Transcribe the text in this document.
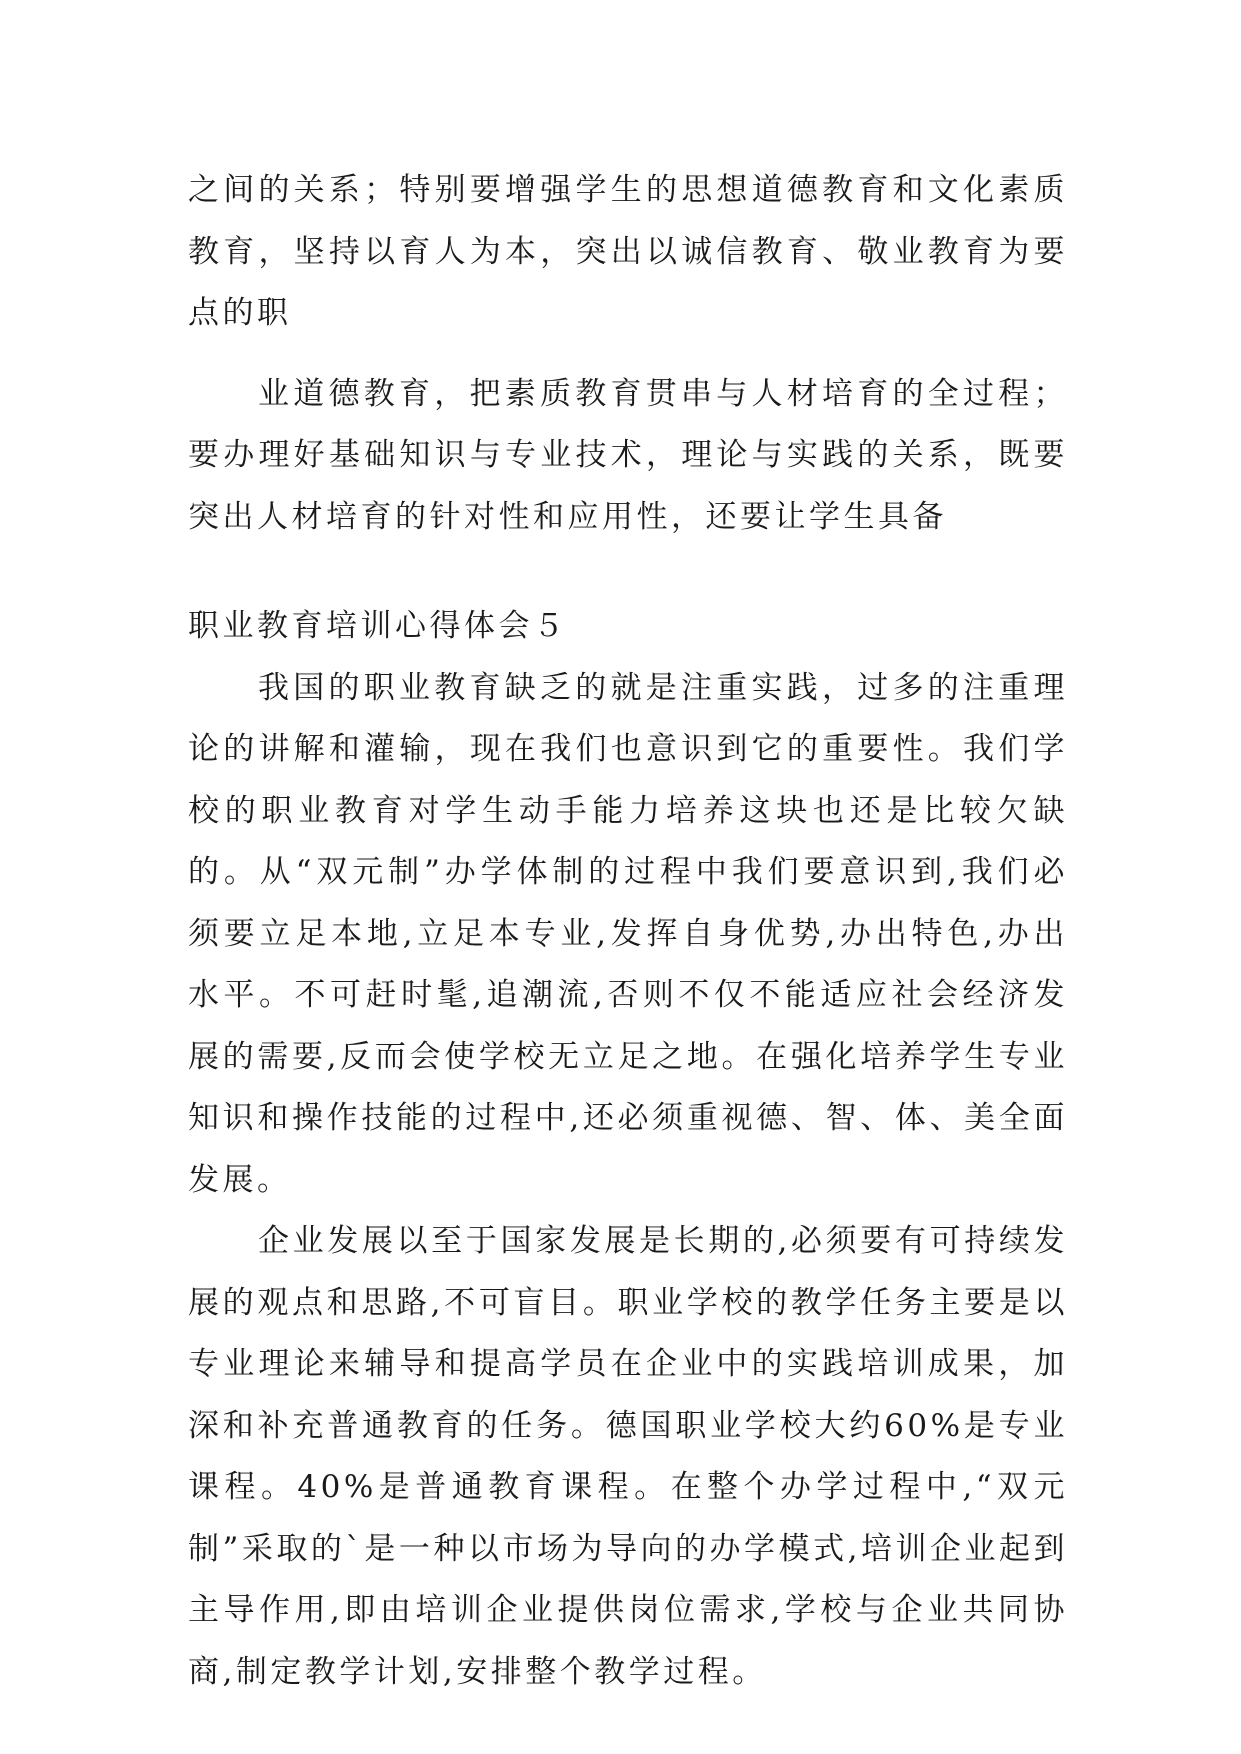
之间的关系；特别要增强学生的思想道德教育和文化素质教育，坚持以育人为本，突出以诚信教育、敬业教育为要点的职

业道德教育，把素质教育贯串与人材培育的全过程；要办理好基础知识与专业技术，理论与实践的关系，既要突出人材培育的针对性和应用性，还要让学生具备

职业教育培训心得体会５

我国的职业教育缺乏的就是注重实践，过多的注重理论的讲解和灌输，现在我们也意识到它的重要性。我们学校的职业教育对学生动手能力培养这块也还是比较欠缺的。从“双元制”办学体制的过程中我们要意识到,我们必须要立足本地,立足本专业,发挥自身优势,办出特色,办出水平。不可赶时髦,追潮流,否则不仅不能适应社会经济发展的需要,反而会使学校无立足之地。在强化培养学生专业知识和操作技能的过程中,还必须重视德、智、体、美全面发展。

企业发展以至于国家发展是长期的,必须要有可持续发展的观点和思路,不可盲目。职业学校的教学任务主要是以专业理论来辅导和提高学员在企业中的实践培训成果，加深和补充普通教育的任务。德国职业学校大约60%是专业课程。40%是普通教育课程。在整个办学过程中,“双元制”采取的`是一种以市场为导向的办学模式,培训企业起到主导作用,即由培训企业提供岗位需求,学校与企业共同协商,制定教学计划,安排整个教学过程。
